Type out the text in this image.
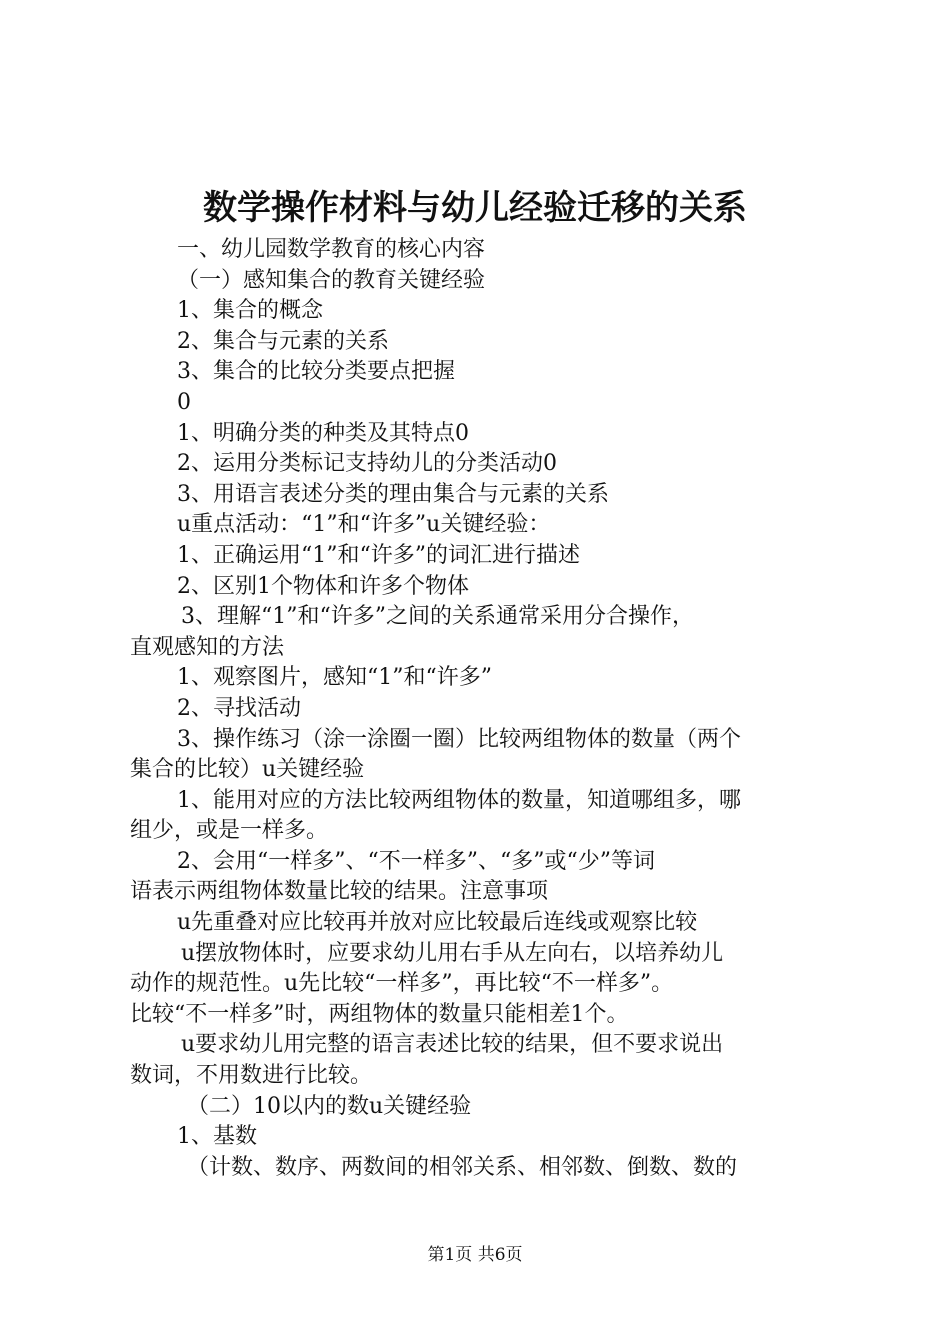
数学操作材料与幼儿经验迁移的关系
一、幼儿园数学教育的核心内容
（一）感知集合的教育关键经验
1、集合的概念
2、集合与元素的关系
3、集合的比较分类要点把握
0
1、明确分类的种类及其特点0
2、运用分类标记支持幼儿的分类活动0
3、用语言表述分类的理由集合与元素的关系
u重点活动：“1”和“许多”u关键经验：
1、正确运用“1”和“许多”的词汇进行描述
2、区别1个物体和许多个物体
3、理解“1”和“许多”之间的关系通常采用分合操作，
直观感知的方法
1、观察图片，感知“1”和“许多”
2、寻找活动
3、操作练习（涂一涂圈一圈）比较两组物体的数量（两个
集合的比较）u关键经验
1、能用对应的方法比较两组物体的数量，知道哪组多，哪
组少，或是一样多。
2、会用“一样多”、“不一样多”、“多”或“少”等词
语表示两组物体数量比较的结果。注意事项
u先重叠对应比较再并放对应比较最后连线或观察比较
u摆放物体时，应要求幼儿用右手从左向右，以培养幼儿
动作的规范性。u先比较“一样多”，再比较“不一样多”。
比较“不一样多”时，两组物体的数量只能相差1个。
u要求幼儿用完整的语言表述比较的结果，但不要求说出
数词，不用数进行比较。
（二）10以内的数u关键经验
1、基数
（计数、数序、两数间的相邻关系、相邻数、倒数、数的
第1页 共6页
